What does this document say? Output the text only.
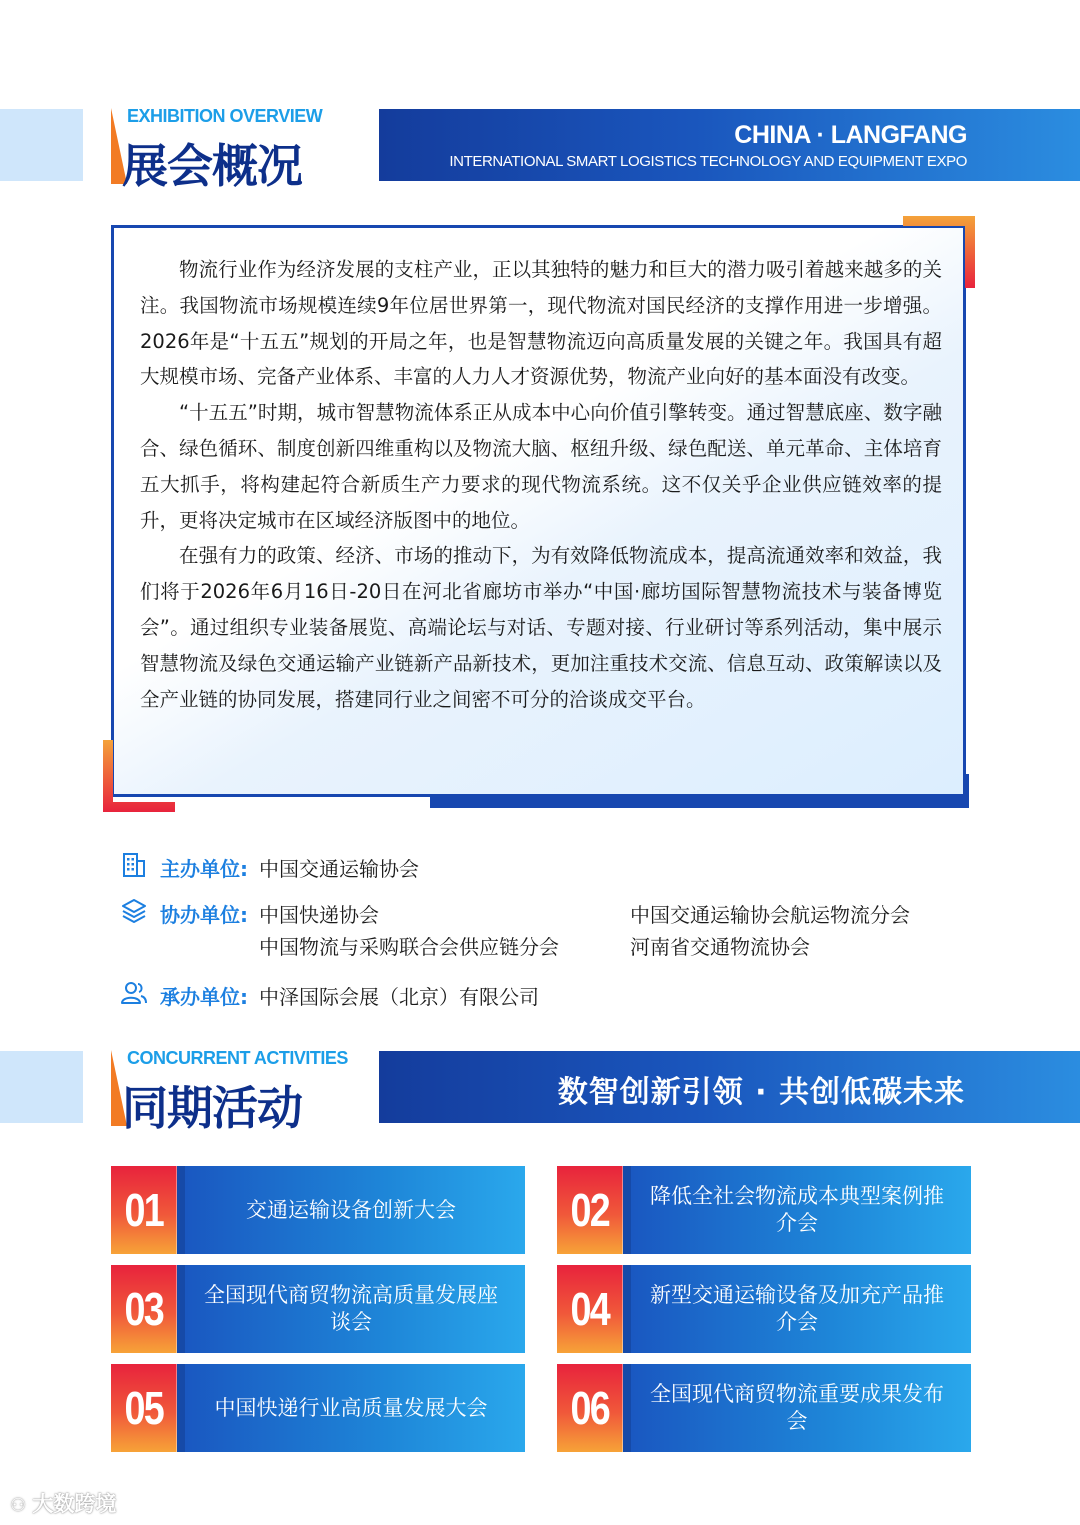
EXHIBITION OVERVIEW
展会概况
CHINA · LANGFANG
INTERNATIONAL SMART LOGISTICS TECHNOLOGY AND EQUIPMENT EXPO

物流行业作为经济发展的支柱产业，正以其独特的魅力和巨大的潜力吸引着越来越多的关注。我国物流市场规模连续9年位居世界第一，现代物流对国民经济的支撑作用进一步增强。2026年是“十五五”规划的开局之年，也是智慧物流迈向高质量发展的关键之年。我国具有超大规模市场、完备产业体系、丰富的人力人才资源优势，物流产业向好的基本面没有改变。

“十五五”时期，城市智慧物流体系正从成本中心向价值引擎转变。通过智慧底座、数字融合、绿色循环、制度创新四维重构以及物流大脑、枢纽升级、绿色配送、单元革命、主体培育五大抓手，将构建起符合新质生产力要求的现代物流系统。这不仅关乎企业供应链效率的提升，更将决定城市在区域经济版图中的地位。

在强有力的政策、经济、市场的推动下，为有效降低物流成本，提高流通效率和效益，我们将于2026年6月16日-20日在河北省廊坊市举办“中国·廊坊国际智慧物流技术与装备博览会”。通过组织专业装备展览、高端论坛与对话、专题对接、行业研讨等系列活动，集中展示智慧物流及绿色交通运输产业链新产品新技术，更加注重技术交流、信息互动、政策解读以及全产业链的协同发展，搭建同行业之间密不可分的洽谈成交平台。

主办单位: 中国交通运输协会
协办单位: 中国快递协会	中国交通运输协会航运物流分会
中国物流与采购联合会供应链分会	河南省交通物流协会
承办单位: 中泽国际会展（北京）有限公司
CONCURRENT ACTIVITIES
同期活动	数智创新引领 · 共创低碳未来
交通运输设备创新大会
01	降低全社会物流成本典型案例推介会
02
全国现代商贸物流高质量发展座谈会
03	新型交通运输设备及加充产品推介会
04
中国快递行业高质量发展大会
05	全国现代商贸物流重要成果发布会
06
⚇ 大数跨境
